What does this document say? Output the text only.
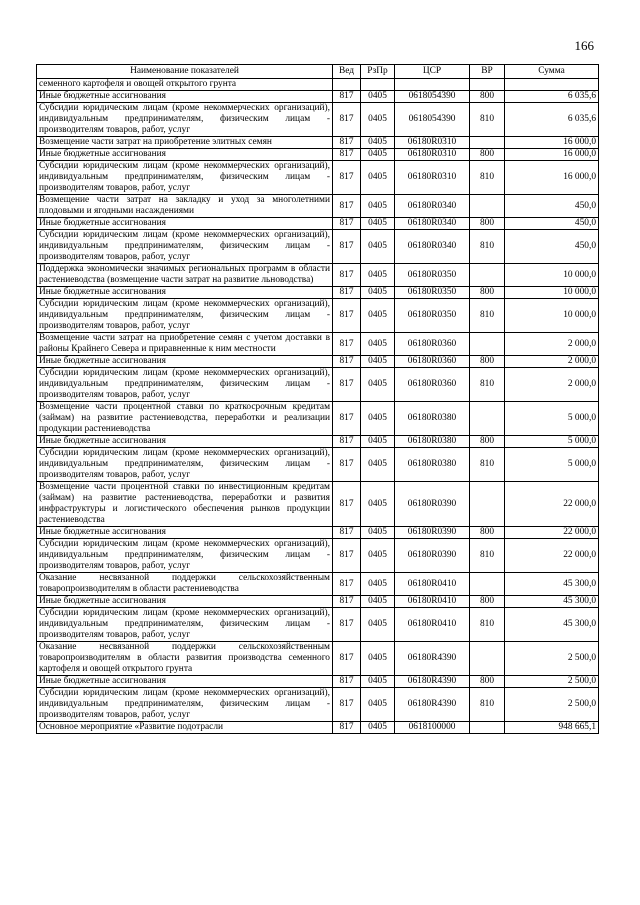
166
Наименование показателей	Вед	РзПр	ЦСР	ВР	Сумма
семенного картофеля и овощей открытого грунта					
Иные бюджетные ассигнования	817	0405	0618054390	800	6 035,6
Субсидии юридическим лицам (кроме некоммерческих организаций), индивидуальным предпринимателям, физическим лицам - производителям товаров, работ, услуг	817	0405	0618054390	810	6 035,6
Возмещение части затрат на приобретение элитных семян	817	0405	06180R0310		16 000,0
Иные бюджетные ассигнования	817	0405	06180R0310	800	16 000,0
Субсидии юридическим лицам (кроме некоммерческих организаций), индивидуальным предпринимателям, физическим лицам - производителям товаров, работ, услуг	817	0405	06180R0310	810	16 000,0
Возмещение части затрат на закладку и уход за многолетними плодовыми и ягодными насаждениями	817	0405	06180R0340		450,0
Иные бюджетные ассигнования	817	0405	06180R0340	800	450,0
Субсидии юридическим лицам (кроме некоммерческих организаций), индивидуальным предпринимателям, физическим лицам - производителям товаров, работ, услуг	817	0405	06180R0340	810	450,0
Поддержка экономически значимых региональных программ в области растениеводства (возмещение части затрат на развитие льноводства)	817	0405	06180R0350		10 000,0
Иные бюджетные ассигнования	817	0405	06180R0350	800	10 000,0
Субсидии юридическим лицам (кроме некоммерческих организаций), индивидуальным предпринимателям, физическим лицам - производителям товаров, работ, услуг	817	0405	06180R0350	810	10 000,0
Возмещение части затрат на приобретение семян с учетом доставки в районы Крайнего Севера и приравненные к ним местности	817	0405	06180R0360		2 000,0
Иные бюджетные ассигнования	817	0405	06180R0360	800	2 000,0
Субсидии юридическим лицам (кроме некоммерческих организаций), индивидуальным предпринимателям, физическим лицам - производителям товаров, работ, услуг	817	0405	06180R0360	810	2 000,0
Возмещение части процентной ставки по краткосрочным кредитам (займам) на развитие растениеводства, переработки и реализации продукции растениеводства	817	0405	06180R0380		5 000,0
Иные бюджетные ассигнования	817	0405	06180R0380	800	5 000,0
Субсидии юридическим лицам (кроме некоммерческих организаций), индивидуальным предпринимателям, физическим лицам - производителям товаров, работ, услуг	817	0405	06180R0380	810	5 000,0
Возмещение части процентной ставки по инвестиционным кредитам (займам) на развитие растениеводства, переработки и развития инфраструктуры и логистического обеспечения рынков продукции растениеводства	817	0405	06180R0390		22 000,0
Иные бюджетные ассигнования	817	0405	06180R0390	800	22 000,0
Субсидии юридическим лицам (кроме некоммерческих организаций), индивидуальным предпринимателям, физическим лицам - производителям товаров, работ, услуг	817	0405	06180R0390	810	22 000,0
Оказание несвязанной поддержки сельскохозяйственным товаропроизводителям в области растениеводства	817	0405	06180R0410		45 300,0
Иные бюджетные ассигнования	817	0405	06180R0410	800	45 300,0
Субсидии юридическим лицам (кроме некоммерческих организаций), индивидуальным предпринимателям, физическим лицам - производителям товаров, работ, услуг	817	0405	06180R0410	810	45 300,0
Оказание несвязанной поддержки сельскохозяйственным товаропроизводителям в области развития производства семенного картофеля и овощей открытого грунта	817	0405	06180R4390		2 500,0
Иные бюджетные ассигнования	817	0405	06180R4390	800	2 500,0
Субсидии юридическим лицам (кроме некоммерческих организаций), индивидуальным предпринимателям, физическим лицам - производителям товаров, работ, услуг	817	0405	06180R4390	810	2 500,0
Основное мероприятие «Развитие подотрасли	817	0405	0618100000		948 665,1
